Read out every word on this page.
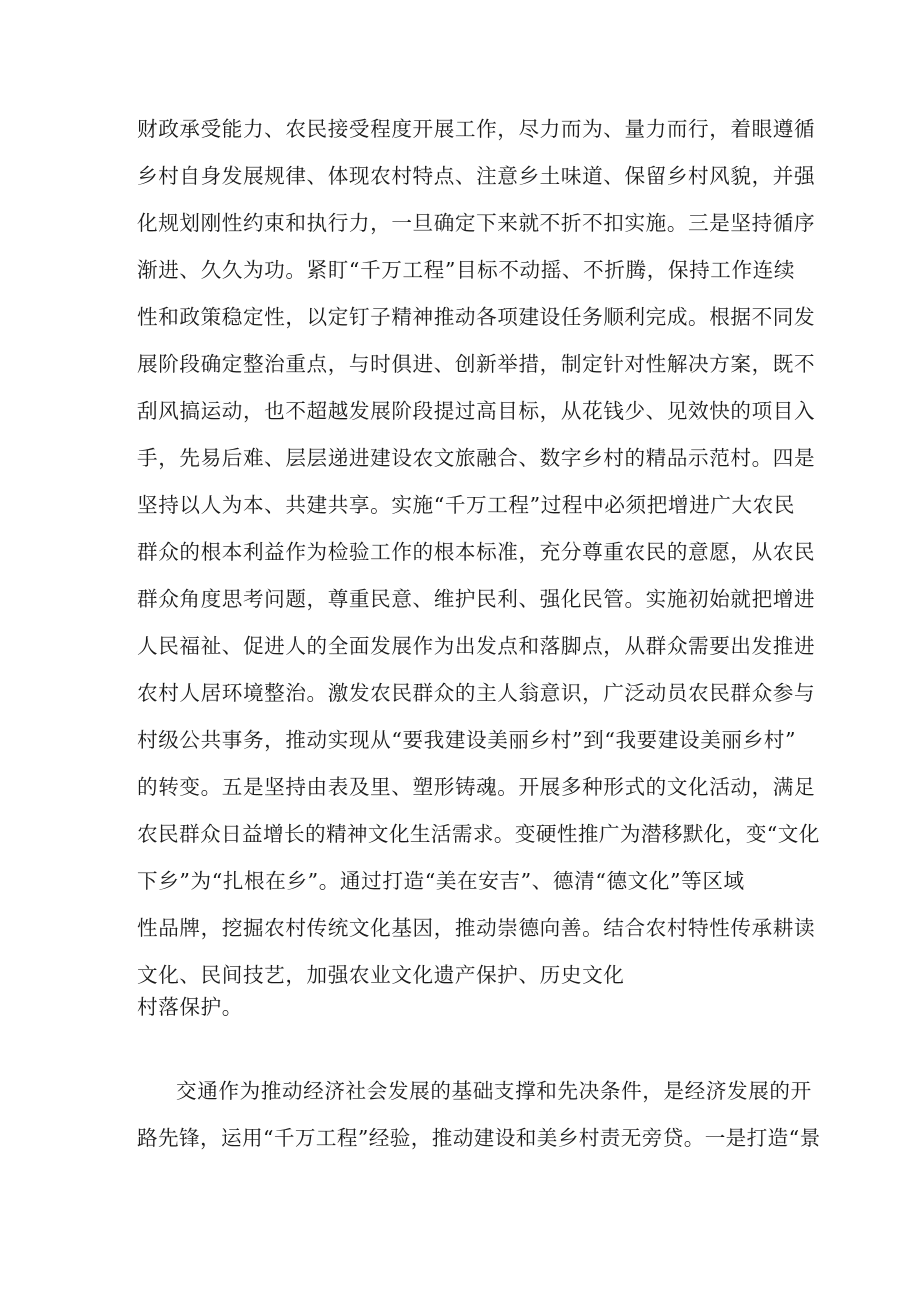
财政承受能力、农民接受程度开展工作，尽力而为、量力而行，着眼遵循
乡村自身发展规律、体现农村特点、注意乡土味道、保留乡村风貌，并强
化规划刚性约束和执行力，一旦确定下来就不折不扣实施。三是坚持循序
渐进、久久为功。紧盯“千万工程”目标不动摇、不折腾，保持工作连续
性和政策稳定性，以定钉子精神推动各项建设任务顺利完成。根据不同发
展阶段确定整治重点，与时俱进、创新举措，制定针对性解决方案，既不
刮风搞运动，也不超越发展阶段提过高目标，从花钱少、见效快的项目入
手，先易后难、层层递进建设农文旅融合、数字乡村的精品示范村。四是
坚持以人为本、共建共享。实施“千万工程”过程中必须把增进广大农民
群众的根本利益作为检验工作的根本标准，充分尊重农民的意愿，从农民
群众角度思考问题，尊重民意、维护民利、强化民管。实施初始就把增进
人民福祉、促进人的全面发展作为出发点和落脚点，从群众需要出发推进
农村人居环境整治。激发农民群众的主人翁意识，广泛动员农民群众参与
村级公共事务，推动实现从“要我建设美丽乡村”到“我要建设美丽乡村”
的转变。五是坚持由表及里、塑形铸魂。开展多种形式的文化活动，满足
农民群众日益增长的精神文化生活需求。变硬性推广为潜移默化，变“文化
下乡”为“扎根在乡”。通过打造“美在安吉”、德清“德文化”等区域
性品牌，挖掘农村传统文化基因，推动崇德向善。结合农村特性传承耕读
文化、民间技艺，加强农业文化遗产保护、历史文化
村落保护。
交通作为推动经济社会发展的基础支撑和先决条件，是经济发展的开
路先锋，运用“千万工程”经验，推动建设和美乡村责无旁贷。一是打造“景
